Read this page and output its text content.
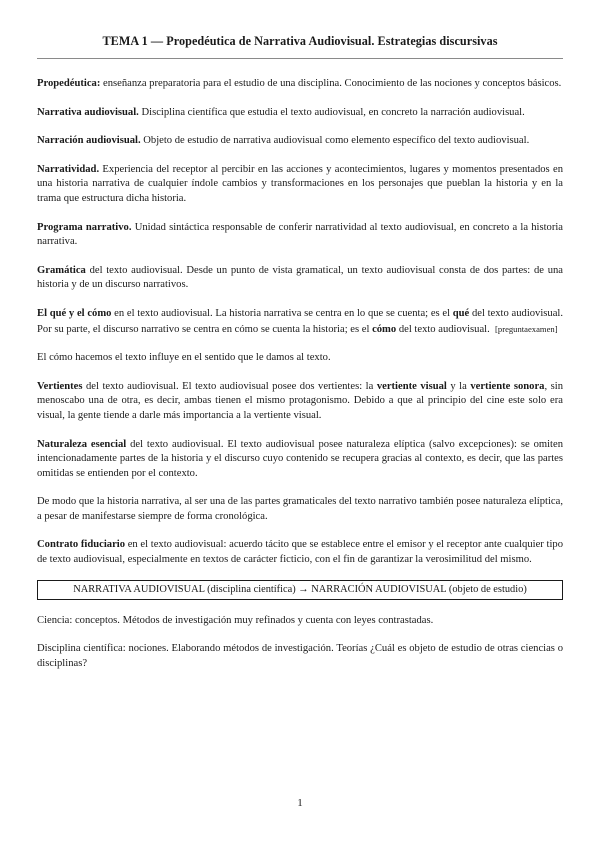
TEMA 1 — Propedéutica de Narrativa Audiovisual. Estrategias discursivas

Propedéutica: enseñanza preparatoria para el estudio de una disciplina. Conocimiento de las nociones y conceptos básicos.

Narrativa audiovisual. Disciplina científica que estudia el texto audiovisual, en concreto la narración audiovisual.

Narración audiovisual. Objeto de estudio de narrativa audiovisual como elemento específico del texto audiovisual.

Narratividad. Experiencia del receptor al percibir en las acciones y acontecimientos, lugares y momentos presentados en una historia narrativa de cualquier índole cambios y transformaciones en los personajes que pueblan la historia y en la trama que estructura dicha historia.

Programa narrativo. Unidad sintáctica responsable de conferir narratividad al texto audiovisual, en concreto a la historia narrativa.

Gramática del texto audiovisual. Desde un punto de vista gramatical, un texto audiovisual consta de dos partes: de una historia y de un discurso narrativos.

El qué y el cómo en el texto audiovisual. La historia narrativa se centra en lo que se cuenta; es el qué del texto audiovisual. Por su parte, el discurso narrativo se centra en cómo se cuenta la historia; es el cómo del texto audiovisual. [preguntaexamen]

El cómo hacemos el texto influye en el sentido que le damos al texto.

Vertientes del texto audiovisual. El texto audiovisual posee dos vertientes: la vertiente visual y la vertiente sonora, sin menoscabo una de otra, es decir, ambas tienen el mismo protagonismo. Debido a que al principio del cine este solo era visual, la gente tiende a darle más importancia a la vertiente visual.

Naturaleza esencial del texto audiovisual. El texto audiovisual posee naturaleza elíptica (salvo excepciones): se omiten intencionadamente partes de la historia y el discurso cuyo contenido se recupera gracias al contexto, es decir, que las partes omitidas se entienden por el contexto.

De modo que la historia narrativa, al ser una de las partes gramaticales del texto narrativo también posee naturaleza elíptica, a pesar de manifestarse siempre de forma cronológica.

Contrato fiduciario en el texto audiovisual: acuerdo tácito que se establece entre el emisor y el receptor ante cualquier tipo de texto audiovisual, especialmente en textos de carácter ficticio, con el fin de garantizar la verosimilitud del mismo.

NARRATIVA AUDIOVISUAL (disciplina científica) → NARRACIÓN AUDIOVISUAL (objeto de estudio)

Ciencia: conceptos. Métodos de investigación muy refinados y cuenta con leyes contrastadas.

Disciplina científica: nociones. Elaborando métodos de investigación. Teorías ¿Cuál es objeto de estudio de otras ciencias o disciplinas?

1
